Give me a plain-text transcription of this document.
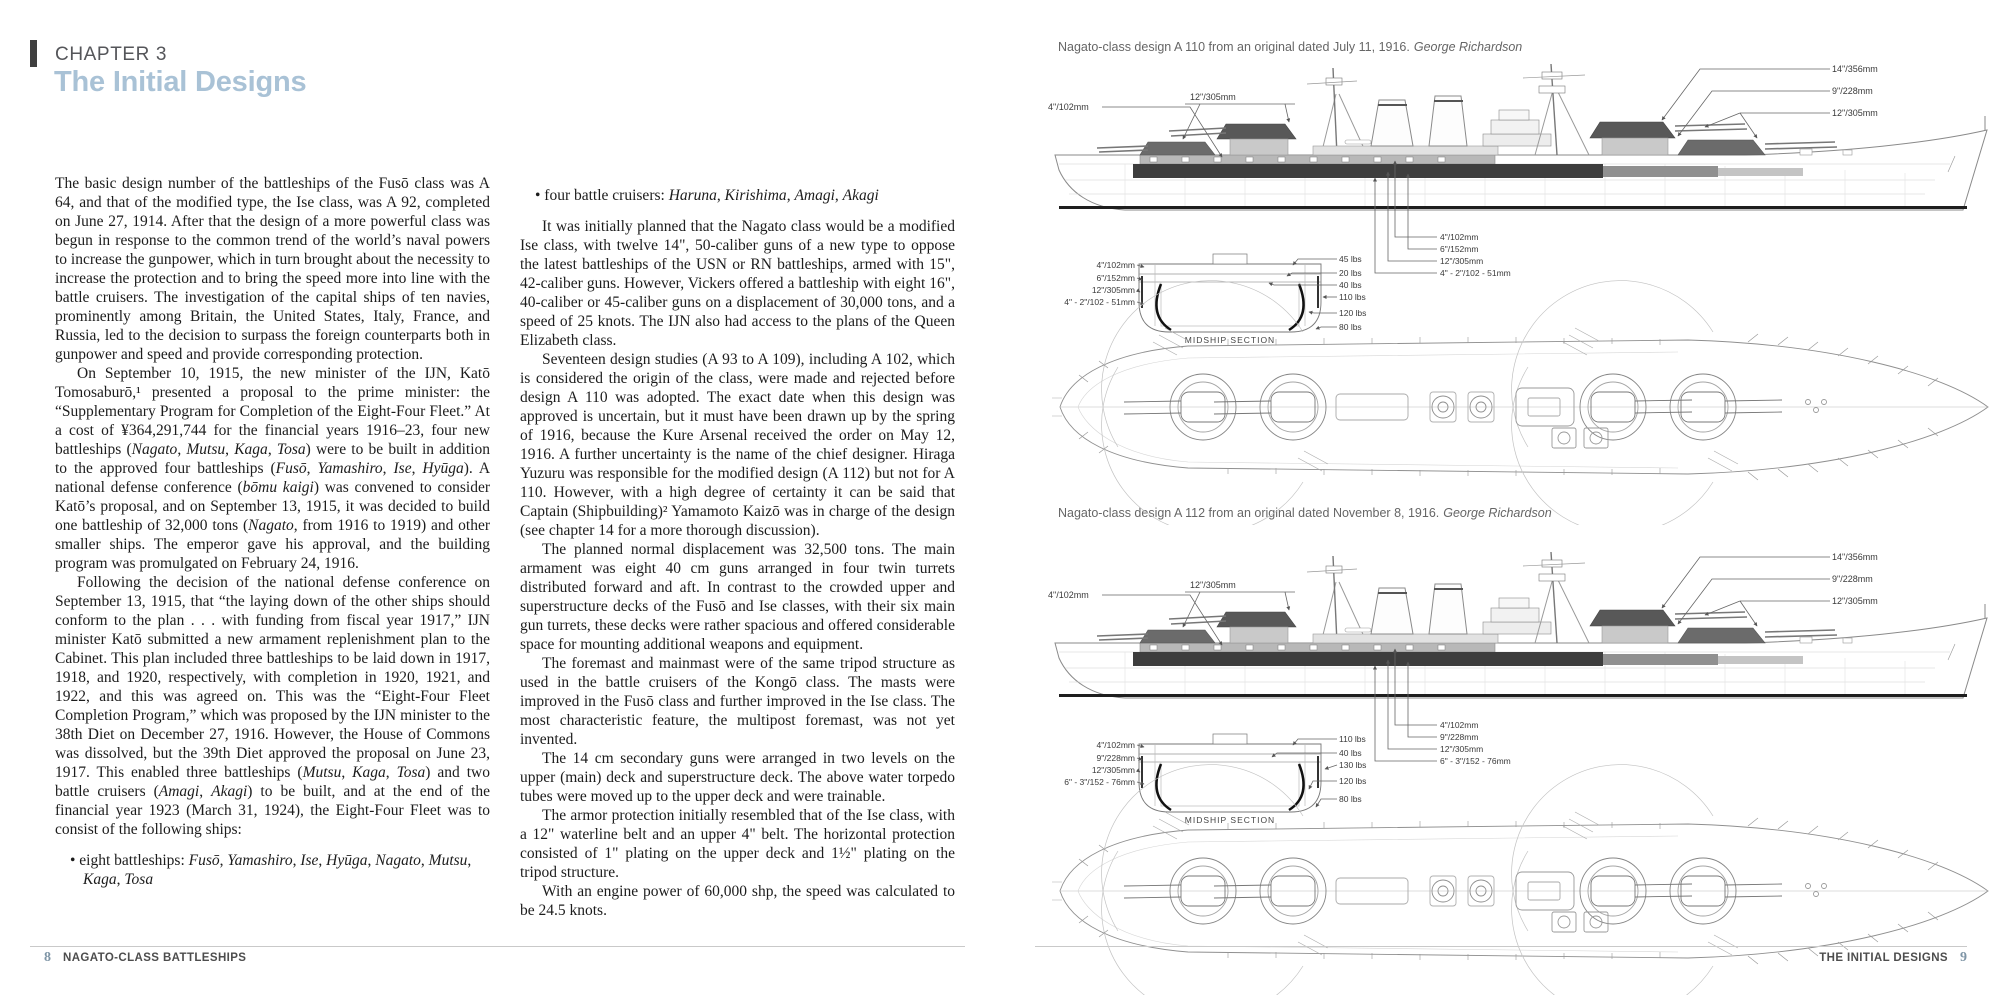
CHAPTER 3
The Initial Designs
The basic design number of the battleships of the Fusō class was A 64, and that of the modified type, the Ise class, was A 92, completed on June 27, 1914. After that the design of a more powerful class was begun in response to the common trend of the world’s naval powers to increase the gunpower, which in turn brought about the necessity to increase the protection and to bring the speed more into line with the battle cruisers. The investigation of the capital ships of ten navies, prominently among Britain, the United States, Italy, France, and Russia, led to the decision to surpass the foreign counterparts both in gunpower and speed and provide corresponding protection.
On September 10, 1915, the new minister of the IJN, Katō Tomosaburō,¹ presented a proposal to the prime minister: the “Supplementary Program for Completion of the Eight-Four Fleet.” At a cost of ¥364,291,744 for the financial years 1916–23, four new battleships (Nagato, Mutsu, Kaga, Tosa) were to be built in addition to the approved four battleships (Fusō, Yamashiro, Ise, Hyūga). A national defense conference (bōmu kaigi) was convened to consider Katō’s proposal, and on September 13, 1915, it was decided to build one battleship of 32,000 tons (Nagato, from 1916 to 1919) and other smaller ships. The emperor gave his approval, and the building program was promulgated on February 24, 1916.
Following the decision of the national defense conference on September 13, 1915, that “the laying down of the other ships should conform to the plan . . . with funding from fiscal year 1917,” IJN minister Katō submitted a new armament replenishment plan to the Cabinet. This plan included three battleships to be laid down in 1917, 1918, and 1920, respectively, with completion in 1920, 1921, and 1922, and this was agreed on. This was the “Eight-Four Fleet Completion Program,” which was proposed by the IJN minister to the 38th Diet on December 27, 1916. However, the House of Commons was dissolved, but the 39th Diet approved the proposal on June 23, 1917. This enabled three battleships (Mutsu, Kaga, Tosa) and two battle cruisers (Amagi, Akagi) to be built, and at the end of the financial year 1923 (March 31, 1924), the Eight-Four Fleet was to consist of the following ships:
• eight battleships: Fusō, Yamashiro, Ise, Hyūga, Nagato, Mutsu, Kaga, Tosa
• four battle cruisers: Haruna, Kirishima, Amagi, Akagi
It was initially planned that the Nagato class would be a modified Ise class, with twelve 14", 50-caliber guns of a new type to oppose the latest battleships of the USN or RN battleships, armed with 15", 42-caliber guns. However, Vickers offered a battleship with eight 16", 40-caliber or 45-caliber guns on a displacement of 30,000 tons, and a speed of 25 knots. The IJN also had access to the plans of the Queen Elizabeth class.
Seventeen design studies (A 93 to A 109), including A 102, which is considered the origin of the class, were made and rejected before design A 110 was adopted. The exact date when this design was approved is uncertain, but it must have been drawn up by the spring of 1916, because the Kure Arsenal received the order on May 12, 1916. A further uncertainty is the name of the chief designer. Hiraga Yuzuru was responsible for the modified design (A 112) but not for A 110. However, with a high degree of certainty it can be said that Captain (Shipbuilding)² Yamamoto Kaizō was in charge of the design (see chapter 14 for a more thorough discussion).
The planned normal displacement was 32,500 tons. The main armament was eight 40 cm guns arranged in four twin turrets distributed forward and aft. In contrast to the crowded upper and superstructure decks of the Fusō and Ise classes, with their six main gun turrets, these decks were rather spacious and offered considerable space for mounting additional weapons and equipment.
The foremast and mainmast were of the same tripod structure as used in the battle cruisers of the Kongō class. The masts were improved in the Fusō class and further improved in the Ise class. The most characteristic feature, the multipost foremast, was not yet invented.
The 14 cm secondary guns were arranged in two levels on the upper (main) deck and superstructure deck. The above water torpedo tubes were moved up to the upper deck and were trainable.
The armor protection initially resembled that of the Ise class, with a 12" waterline belt and an upper 4" belt. The horizontal protection consisted of 1" plating on the upper deck and 1½" plating on the tripod structure.
With an engine power of 60,000 shp, the speed was calculated to be 24.5 knots.
Nagato-class design A 110 from an original dated July 11, 1916. George Richardson
Nagato-class design A 112 from an original dated November 8, 1916. George Richardson
14"/356mm
9"/228mm
12"/305mm
4"/102mm
12"/305mm
4"/102mm
6"/152mm
12"/305mm
4" - 2"/102 - 51mm
4"/102mm
6"/152mm
12"/305mm
4" - 2"/102 - 51mm
45 lbs
20 lbs
40 lbs
110 lbs
120 lbs
80 lbs
MIDSHIP SECTION
14"/356mm
9"/228mm
12"/305mm
4"/102mm
12"/305mm
4"/102mm
9"/228mm
12"/305mm
6" - 3"/152 - 76mm
4"/102mm
9"/228mm
12"/305mm
6" - 3"/152 - 76mm
110 lbs
40 lbs
130 lbs
120 lbs
80 lbs
MIDSHIP SECTION
8 NAGATO-CLASS BATTLESHIPS	THE INITIAL DESIGNS 9
